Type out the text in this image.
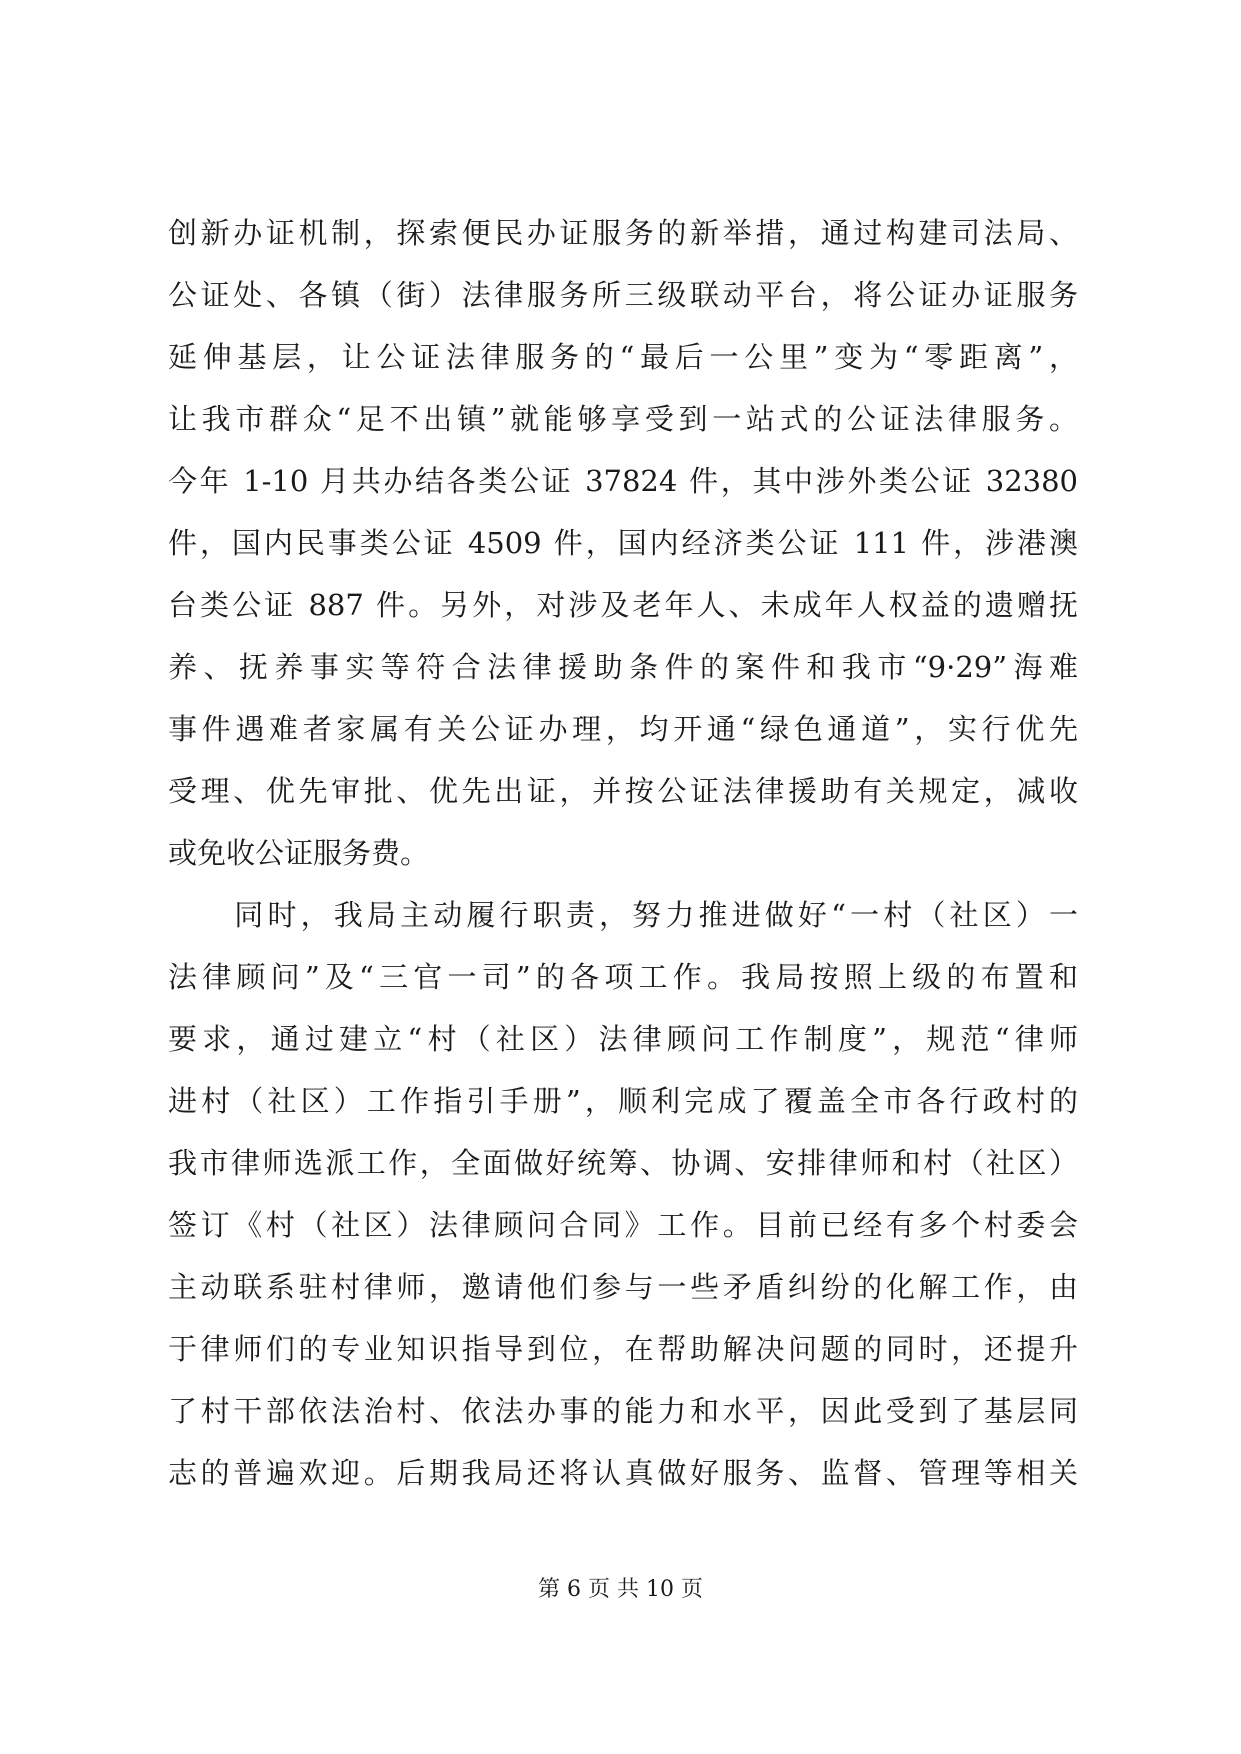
创新办证机制，探索便民办证服务的新举措，通过构建司法局、
公证处、各镇（街）法律服务所三级联动平台，将公证办证服务
延伸基层，让公证法律服务的“最后一公里”变为“零距离”，
让我市群众“足不出镇”就能够享受到一站式的公证法律服务。
今年 1-10 月共办结各类公证 37824 件，其中涉外类公证 32380
件，国内民事类公证 4509 件，国内经济类公证 111 件，涉港澳
台类公证 887 件。另外，对涉及老年人、未成年人权益的遗赠抚
养、抚养事实等符合法律援助条件的案件和我市“9·29”海难
事件遇难者家属有关公证办理，均开通“绿色通道”，实行优先
受理、优先审批、优先出证，并按公证法律援助有关规定，减收
或免收公证服务费。
　　同时，我局主动履行职责，努力推进做好“一村（社区）一
法律顾问”及“三官一司”的各项工作。我局按照上级的布置和
要求，通过建立“村（社区）法律顾问工作制度”，规范“律师
进村（社区）工作指引手册”，顺利完成了覆盖全市各行政村的
我市律师选派工作，全面做好统筹、协调、安排律师和村（社区）
签订《村（社区）法律顾问合同》工作。目前已经有多个村委会
主动联系驻村律师，邀请他们参与一些矛盾纠纷的化解工作，由
于律师们的专业知识指导到位，在帮助解决问题的同时，还提升
了村干部依法治村、依法办事的能力和水平，因此受到了基层同
志的普遍欢迎。后期我局还将认真做好服务、监督、管理等相关
第 6 页 共 10 页
